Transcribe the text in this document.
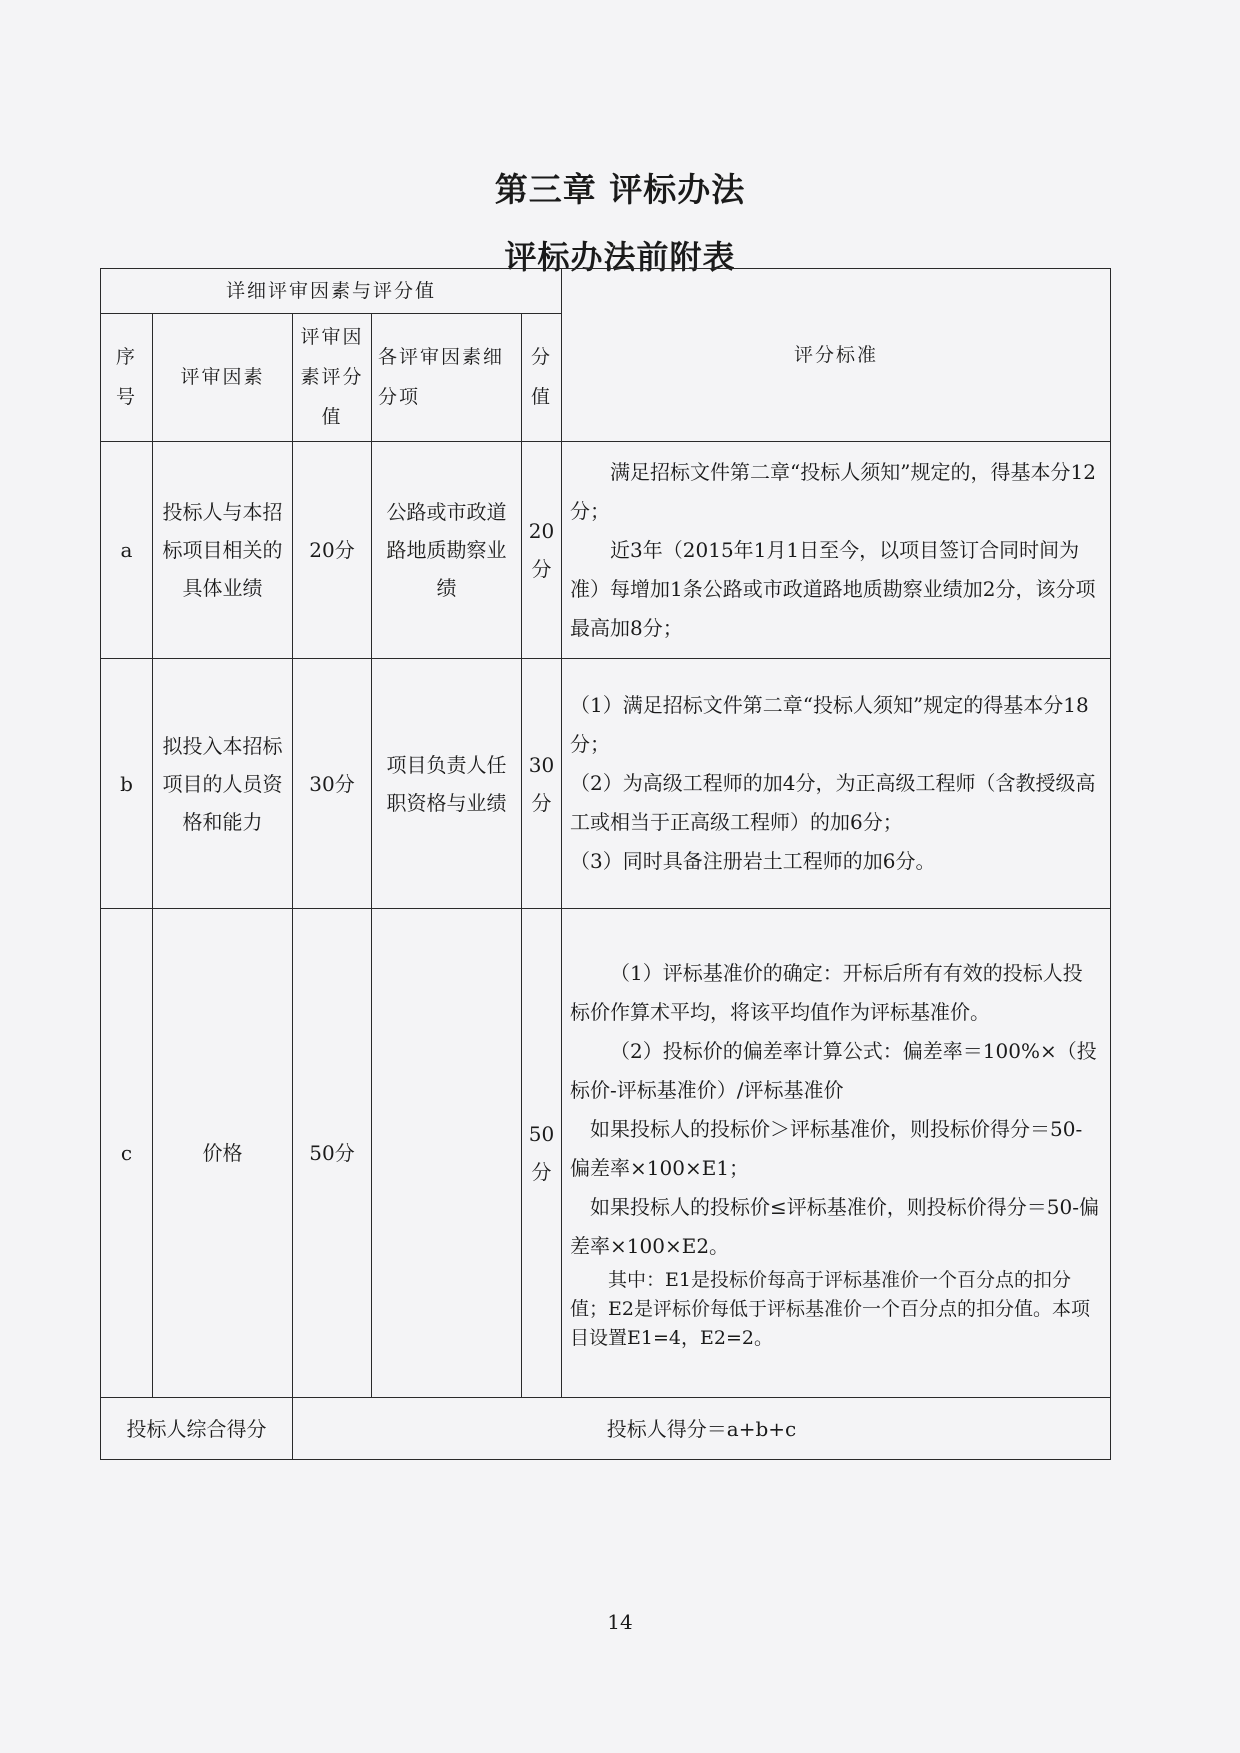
第三章 评标办法
评标办法前附表
详细评审因素与评分值					评分标准
序号	评审因素	评审因素评分值	各评审因素细分项	分值	
a	投标人与本招标项目相关的具体业绩	20分	公路或市政道路地质勘察业绩	20分	满足招标文件第二章“投标人须知”规定的，得基本分12分；

近3年（2015年1月1日至今，以项目签订合同时间为准）每增加1条公路或市政道路地质勘察业绩加2分，该分项最高加8分；

b	拟投入本招标项目的人员资格和能力	30分	项目负责人任职资格与业绩	30分	（1）满足招标文件第二章“投标人须知”规定的得基本分18分；

（2）为高级工程师的加4分，为正高级工程师（含教授级高工或相当于正高级工程师）的加6分；

（3）同时具备注册岩土工程师的加6分。

c	价格	50分		50分	（1）评标基准价的确定：开标后所有有效的投标人投标价作算术平均，将该平均值作为评标基准价。

（2）投标价的偏差率计算公式：偏差率＝100%×（投标价-评标基准价）/评标基准价

如果投标人的投标价＞评标基准价，则投标价得分＝50-偏差率×100×E1；

如果投标人的投标价≤评标基准价，则投标价得分＝50-偏差率×100×E2。

其中：E1是投标价每高于评标基准价一个百分点的扣分值；E2是评标价每低于评标基准价一个百分点的扣分值。本项目设置E1=4，E2=2。

投标人综合得分		投标人得分＝a+b+c			
14
